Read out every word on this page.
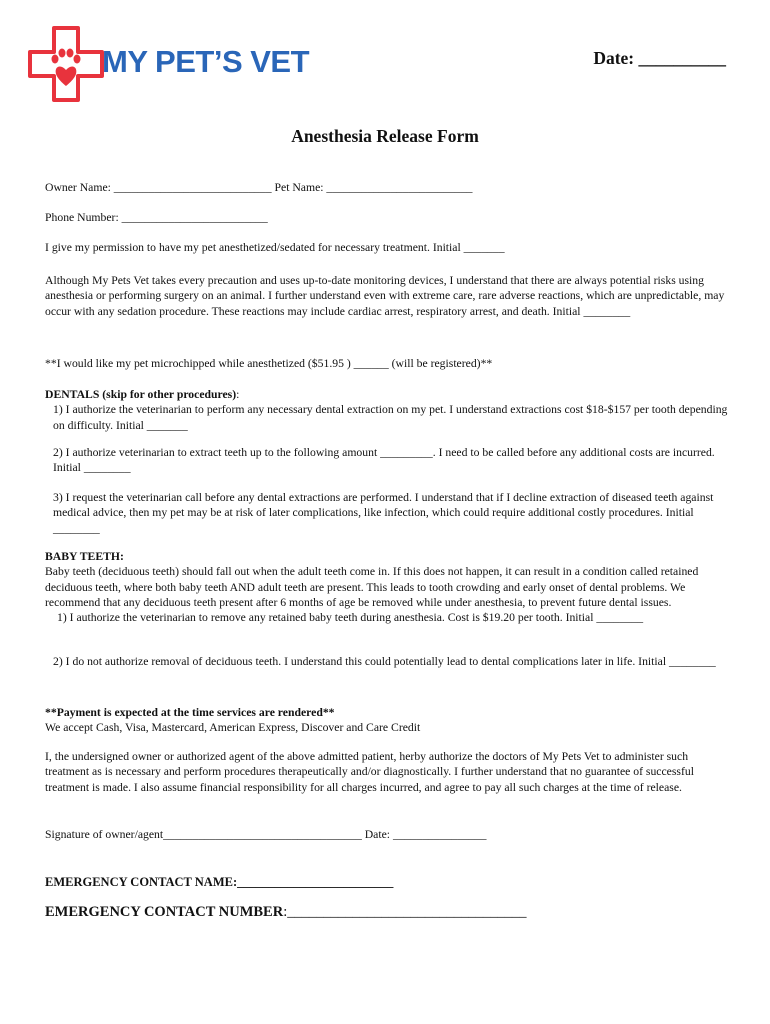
MY PET’S VET	Date: __________
Anesthesia Release Form
Owner Name: ___________________________ Pet Name: _________________________
Phone Number: _________________________
I give my permission to have my pet anesthetized/sedated for necessary treatment. Initial _______
Although My Pets Vet takes every precaution and uses up-to-date monitoring devices, I understand that there are always potential risks using anesthesia or performing surgery on an animal. I further understand even with extreme care, rare adverse reactions, which are unpredictable, may occur with any sedation procedure. These reactions may include cardiac arrest, respiratory arrest, and death. Initial ________
**I would like my pet microchipped while anesthetized ($51.95 ) ______ (will be registered)**
DENTALS (skip for other procedures):
1) I authorize the veterinarian to perform any necessary dental extraction on my pet. I understand extractions cost $18-$157 per tooth depending on difficulty. Initial _______
2) I authorize veterinarian to extract teeth up to the following amount _________. I need to be called before any additional costs are incurred. Initial ________
3) I request the veterinarian call before any dental extractions are performed. I understand that if I decline extraction of diseased teeth against medical advice, then my pet may be at risk of later complications, like infection, which could require additional costly procedures. Initial ________
BABY TEETH:
Baby teeth (deciduous teeth) should fall out when the adult teeth come in. If this does not happen, it can result in a condition called retained deciduous teeth, where both baby teeth AND adult teeth are present. This leads to tooth crowding and early onset of dental problems. We recommend that any deciduous teeth present after 6 months of age be removed while under anesthesia, to prevent future dental issues.
1) I authorize the veterinarian to remove any retained baby teeth during anesthesia. Cost is $19.20 per tooth. Initial ________
2) I do not authorize removal of deciduous teeth. I understand this could potentially lead to dental complications later in life. Initial ________
**Payment is expected at the time services are rendered**
We accept Cash, Visa, Mastercard, American Express, Discover and Care Credit
I, the undersigned owner or authorized agent of the above admitted patient, herby authorize the doctors of My Pets Vet to administer such treatment as is necessary and perform procedures therapeutically and/or diagnostically. I further understand that no guarantee of successful treatment is made. I also assume financial responsibility for all charges incurred, and agree to pay all such charges at the time of release.
Signature of owner/agent__________________________________ Date: ________________
EMERGENCY CONTACT NAME:_________________________
EMERGENCY CONTACT NUMBER:_________________________________
